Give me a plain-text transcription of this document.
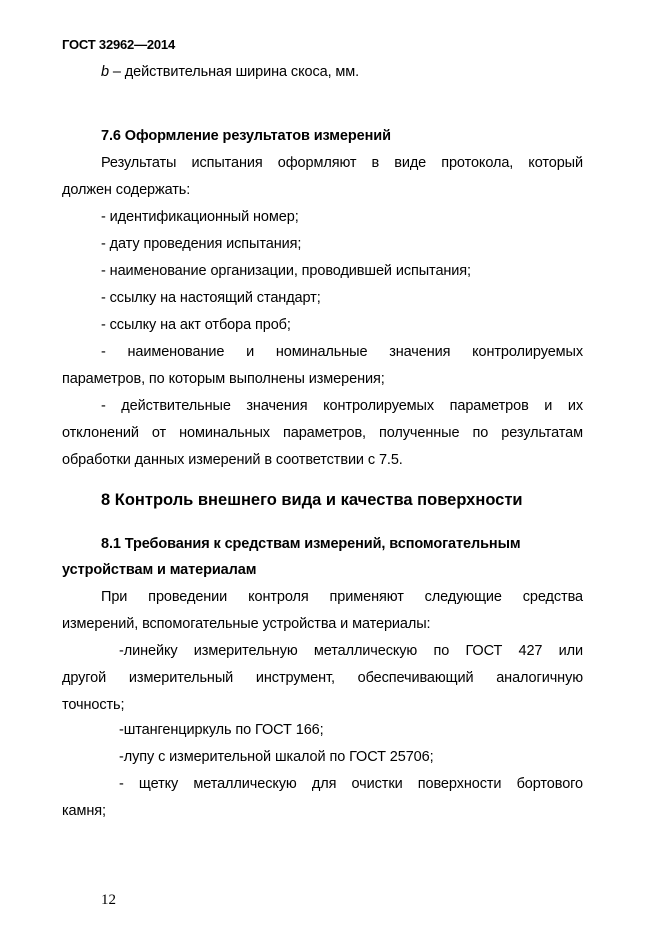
ГОСТ 32962—2014
b – действительная ширина скоса, мм.
7.6 Оформление результатов измерений
Результаты испытания оформляют в виде протокола, который
должен содержать:
- идентификационный номер;
- дату проведения испытания;
- наименование организации, проводившей испытания;
- ссылку на настоящий стандарт;
- ссылку на акт отбора проб;
- наименование и номинальные значения контролируемых
параметров, по которым выполнены измерения;
- действительные значения контролируемых параметров и их
отклонений от номинальных параметров, полученные по результатам
обработки данных измерений в соответствии с 7.5.
8 Контроль внешнего вида и качества поверхности
8.1 Требования к средствам измерений, вспомогательным
устройствам и материалам
При проведении контроля применяют следующие средства
измерений, вспомогательные устройства и материалы:
-линейку измерительную металлическую по ГОСТ 427 или
другой измерительный инструмент, обеспечивающий аналогичную
точность;
-штангенциркуль по ГОСТ 166;
-лупу с измерительной шкалой по ГОСТ 25706;
- щетку металлическую для очистки поверхности бортового
камня;
12
